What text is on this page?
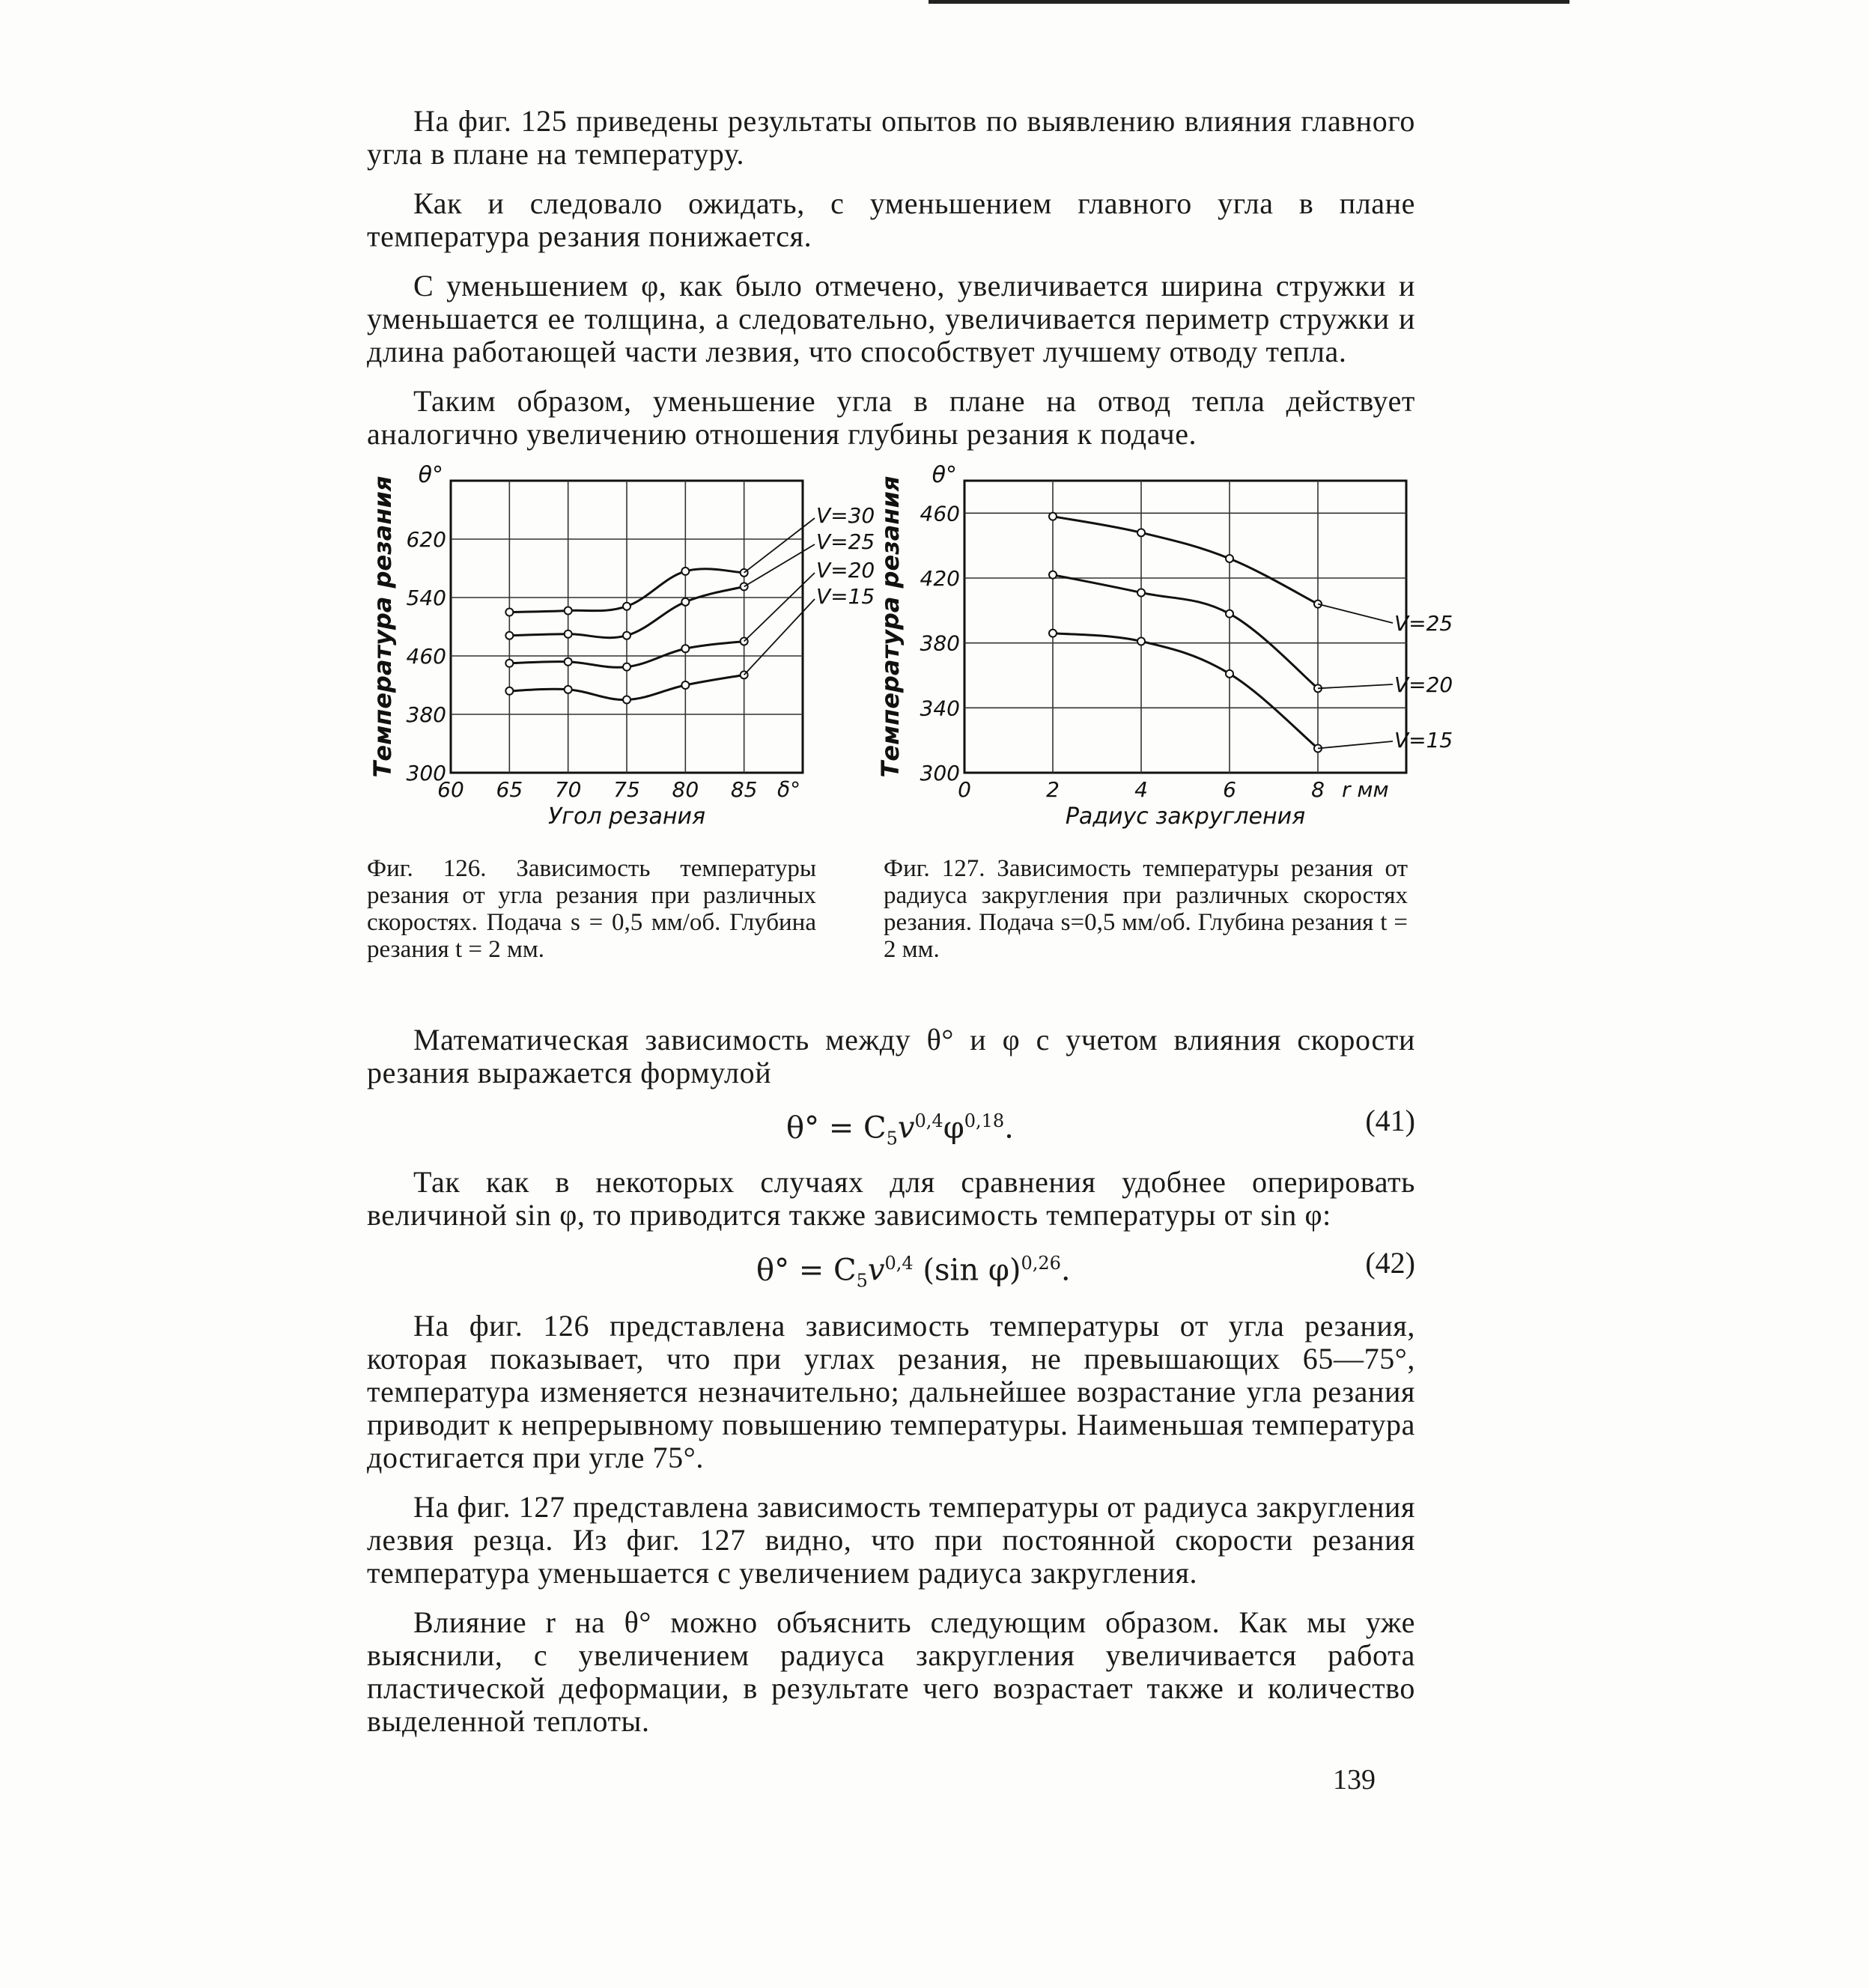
На фиг. 125 приведены результаты опытов по выявлению влияния главного угла в плане на температуру.

Как и следовало ожидать, с уменьшением главного угла в плане температура резания понижается.

С уменьшением φ, как было отмечено, увеличивается ширина стружки и уменьшается ее толщина, а следовательно, увеличивается периметр стружки и длина работающей части лезвия, что способствует лучшему отводу тепла.

Таким образом, уменьшение угла в плане на отвод тепла действует аналогично увеличению отношения глубины резания к подаче.

60 65 70 75 80 85
300
380
460
540
620
θ°
δ°
Угол резания
Температура резания	V=30
V=25
V=20
V=15
0	2	4	6	8
300
340
380
420
460
θ°
r мм
Радиус закругления
Температура резания	V=25
V=20
V=15
Фиг. 126. Зависимость температуры резания от угла резания при различных скоростях. Подача s = 0,5 мм/об. Глубина резания t = 2 мм.
Фиг. 127. Зависимость температуры резания от радиуса закругления при различных скоростях резания. Подача s=0,5 мм/об. Глубина резания t = 2 мм.

Математическая зависимость между θ° и φ с учетом влияния скорости резания выражается формулой

$\theta^\circ = C_5v^{0,4}\varphi^{0,18}$.	(41)

Так как в некоторых случаях для сравнения удобнее оперировать величиной sin φ, то приводится также зависимость температуры от sin φ:

$\theta^\circ = C_5v^{0,4}$ (sin φ)$^{0,26}$.	(42)

На фиг. 126 представлена зависимость температуры от угла резания, которая показывает, что при углах резания, не превышающих 65—75°, температура изменяется незначительно; дальнейшее возрастание угла резания приводит к непрерывному повышению температуры. Наименьшая температура достигается при угле 75°.

На фиг. 127 представлена зависимость температуры от радиуса закругления лезвия резца. Из фиг. 127 видно, что при постоянной скорости резания температура уменьшается с увеличением радиуса закругления.

Влияние r на θ° можно объяснить следующим образом. Как мы уже выяснили, с увеличением радиуса закругления увеличивается работа пластической деформации, в результате чего возрастает также и количество выделенной теплоты.

139
